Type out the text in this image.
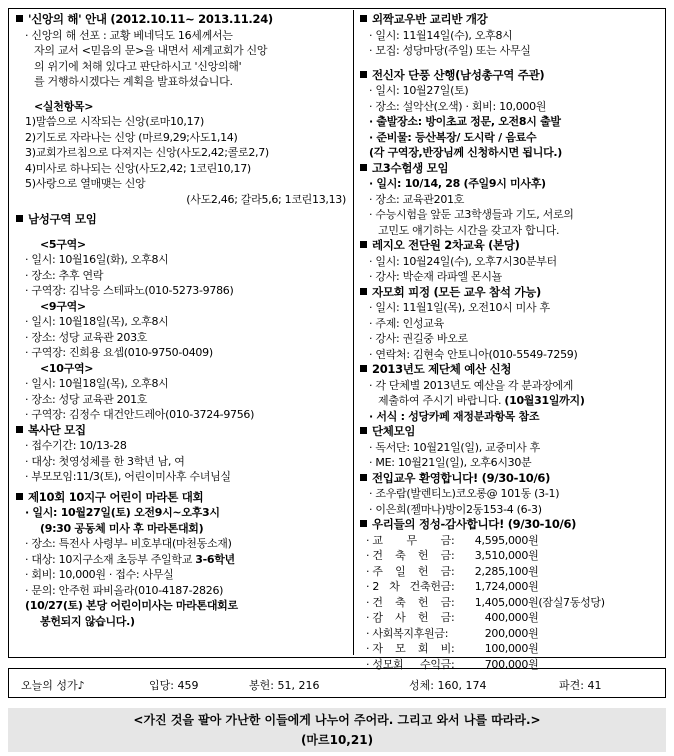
'신앙의 해' 안내 (2012.10.11~ 2013.11.24)
· 신앙의 해 선포 : 교황 베네딕도 16세께서는
자의 교서 <믿음의 문>을 내면서 세계교회가 신앙
의 위기에 처해 있다고 판단하시고 '신앙의해'
를 거행하시겠다는 계획을 발표하셨습니다.
<실천항목>
1)말씀으로 시작되는 신앙(로마10,17)
2)기도로 자라나는 신앙 (마르9,29;사도1,14)
3)교회가르침으로 다져지는 신앙(사도2,42;콜로2,7)
4)미사로 하나되는 신앙(사도2,42; 1코린10,17)
5)사랑으로 열매맺는 신앙
(사도2,46; 갈라5,6; 1코린13,13)
남성구역 모임
<5구역>
· 일시: 10월16일(화), 오후8시
· 장소: 추후 연락
· 구역장: 김낙응 스테파노(010-5273-9786)
<9구역>
· 일시: 10월18일(목), 오후8시
· 장소: 성당 교육관 203호
· 구역장: 진희용 요셉(010-9750-0409)
<10구역>
· 일시: 10월18일(목), 오후8시
· 장소: 성당 교육관 201호
· 구역장: 김정수 대건안드레아(010-3724-9756)
복사단 모집
· 접수기간: 10/13-28
· 대상: 첫영성체를 한 3학년 남, 여
· 부모모임:11/3(토), 어린이미사후 수녀님실
제10회 10지구 어린이 마라톤 대회
· 일시: 10월27일(토) 오전9시~오후3시
(9:30 공동체 미사 후 마라톤대회)
· 장소: 특전사 사령부- 비호부대(마천동소재)
· 대상: 10지구소재 초등부 주일학교 3-6학년
· 회비: 10,000원 · 접수: 사무실
· 문의: 안주헌 파비올라(010-4187-2826)
(10/27(토) 본당 어린이미사는 마라톤대회로
봉헌되지 않습니다.)
외짝교우반 교리반 개강
· 일시: 11월14일(수), 오후8시
· 모집: 성당마당(주일) 또는 사무실
전신자 단풍 산행(남성총구역 주관)
· 일시: 10월27일(토)
· 장소: 설악산(오색) · 회비: 10,000원
· 출발장소: 방이초교 정문, 오전8시 출발
· 준비물: 등산복장/ 도시락 / 음료수
(각 구역장,반장님께 신청하시면 됩니다.)
고3수험생 모임
· 일시: 10/14, 28 (주일9시 미사후)
· 장소: 교육관201호
· 수능시험을 앞둔 고3학생들과 기도, 서로의
고민도 얘기하는 시간을 갖고자 합니다.
레지오 전단원 2차교육 (본당)
· 일시: 10월24일(수), 오후7시30분부터
· 강사: 박순재 라파엘 몬시뇰
자모회 피정 (모든 교우 참석 가능)
· 일시: 11월1일(목), 오전10시 미사 후
· 주제: 인성교육
· 강사: 권길중 바오로
· 연락처: 김현숙 안토니아(010-5549-7259)
2013년도 제단체 예산 신청
· 각 단체별 2013년도 예산을 각 분과장에게
제출하여 주시기 바랍니다. (10월31일까지)
· 서식 : 성당카페 재정분과항목 참조
단체모임
· 독서단: 10월21일(일), 교중미사 후
· ME: 10월21일(일), 오후6시30분
전입교우 환영합니다! (9/30-10/6)
· 조우람(발렌티노)코오롱@ 101동 (3-1)
· 이은희(젤마나)방이2동153-4 (6-3)
우리들의 정성-감사합니다! (9/30-10/6)
· 교 무 금: 4,595,000원
· 건 축 헌 금: 3,510,000원
· 주 일 헌 금: 2,285,100원
· 2 차 건축헌금: 1,724,000원
· 건 축 헌 금: 1,405,000원(잠실7동성당)
· 감 사 헌 금:	400,000원
· 사회복지후원금:	200,000원
· 자 모 회 비:	100,000원
· 성모회 수익금:	700,000원
오늘의 성가♪	입당: 459	봉헌: 51, 216	성체: 160, 174	파견: 41
<가진 것을 팔아 가난한 이들에게 나누어 주어라. 그리고 와서 나를 따라라.>
(마르10,21)
